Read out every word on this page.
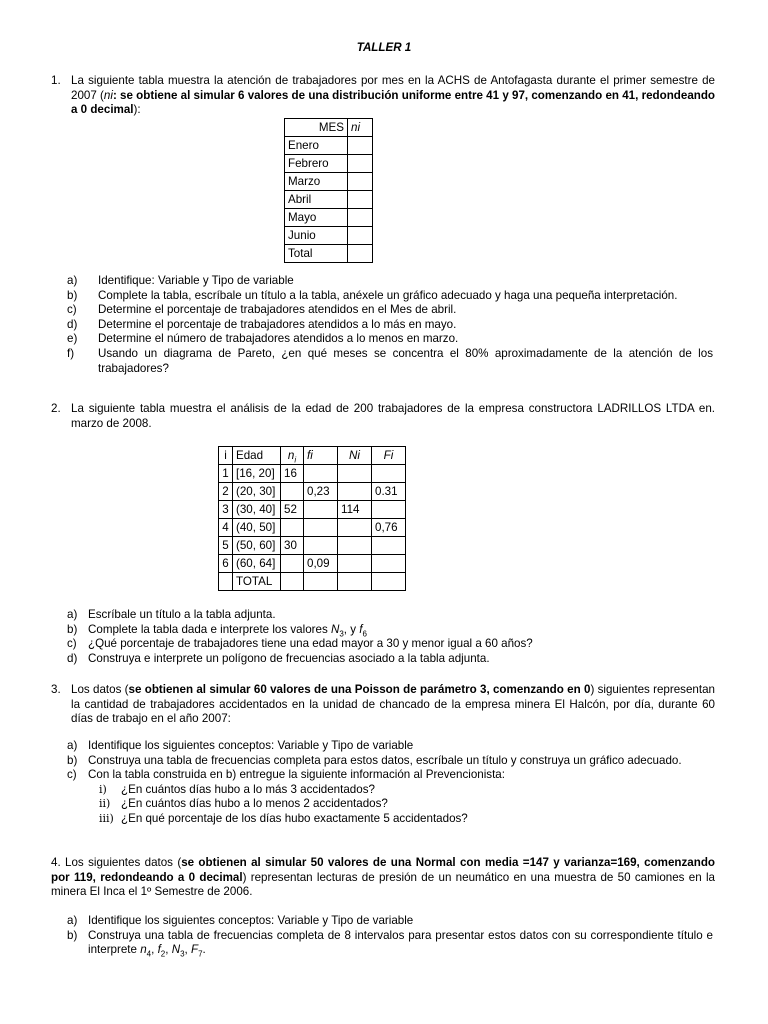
TALLER 1
1. La siguiente tabla muestra la atención de trabajadores por mes en la ACHS de Antofagasta durante el primer semestre de 2007 (ni: se obtiene al simular 6 valores de una distribución uniforme entre 41 y 97, comenzando en 41, redondeando a 0 decimal):
MES	ni
Enero	
Febrero	
Marzo	
Abril	
Mayo	
Junio	
Total	
a) Identifique: Variable y Tipo de variable
b) Complete la tabla, escríbale un título a la tabla, anéxele un gráfico adecuado y haga una pequeña interpretación.
c) Determine el porcentaje de trabajadores atendidos en el Mes de abril.
d) Determine el porcentaje de trabajadores atendidos a lo más en mayo.
e) Determine el número de trabajadores atendidos a lo menos en marzo.
f) Usando un diagrama de Pareto, ¿en qué meses se concentra el 80% aproximadamente de la atención de los trabajadores?
2. La siguiente tabla muestra el análisis de la edad de 200 trabajadores de la empresa constructora LADRILLOS LTDA en. marzo de 2008.
i	Edad	$n_i$	fi	Ni	Fi
1	[16, 20]	16			
2	(20, 30]		0,23		0.31
3	(30, 40]	52		114	
4	(40, 50]				0,76
5	(50, 60]	30			
6	(60, 64]		0,09		
	TOTAL				
a) Escríbale un título a la tabla adjunta.
b) Complete la tabla dada e interprete los valores $N_3$, y $f_6$
c) ¿Qué porcentaje de trabajadores tiene una edad mayor a 30 y menor igual a 60 años?
d) Construya e interprete un polígono de frecuencias asociado a la tabla adjunta.
3. Los datos (se obtienen al simular 60 valores de una Poisson de parámetro 3, comenzando en 0) siguientes representan la cantidad de trabajadores accidentados en la unidad de chancado de la empresa minera El Halcón, por día, durante 60 días de trabajo en el año 2007:
a) Identifique los siguientes conceptos: Variable y Tipo de variable
b) Construya una tabla de frecuencias completa para estos datos, escríbale un título y construya un gráfico adecuado.
c) Con la tabla construida en b) entregue la siguiente información al Prevencionista:
i) ¿En cuántos días hubo a lo más 3 accidentados?
ii) ¿En cuántos días hubo a lo menos 2 accidentados?
iii) ¿En qué porcentaje de los días hubo exactamente 5 accidentados?
4. Los siguientes datos (se obtienen al simular 50 valores de una Normal con media =147 y varianza=169, comenzando por 119, redondeando a 0 decimal) representan lecturas de presión de un neumático en una muestra de 50 camiones en la minera El Inca el 1º Semestre de 2006.
a) Identifique los siguientes conceptos: Variable y Tipo de variable
b) Construya una tabla de frecuencias completa de 8 intervalos para presentar estos datos con su correspondiente título e interprete $n_4$, $f_2$, $N_3$, $F_7$.
